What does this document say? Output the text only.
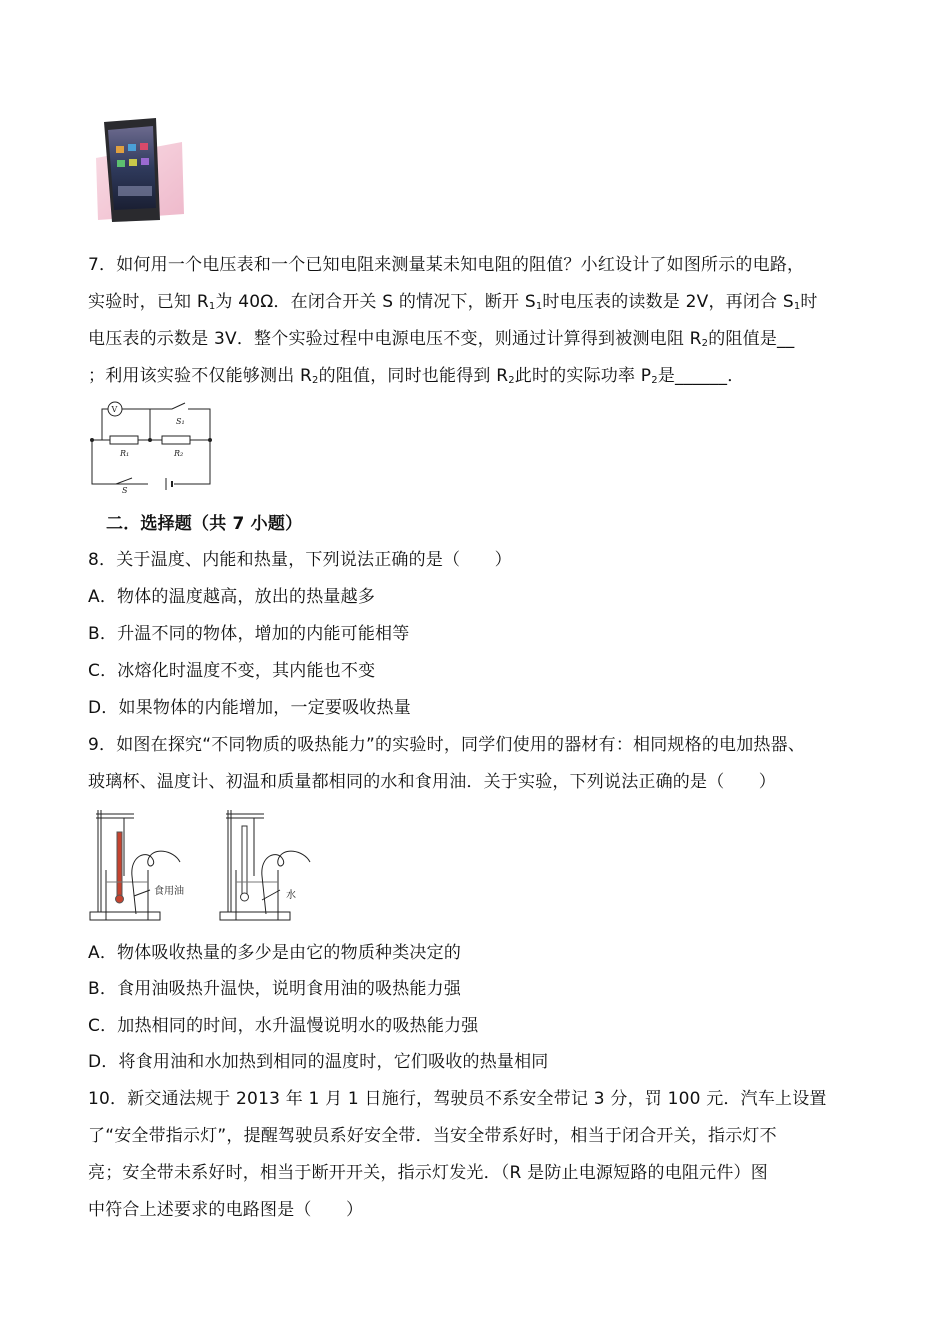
7．如何用一个电压表和一个已知电阻来测量某未知电阻的阻值？小红设计了如图所示的电路，
实验时，已知 $R_1$为 40Ω．在闭合开关 S 的情况下，断开 $S_1$时电压表的读数是 2V，再闭合 $S_1$时
电压表的示数是 3V．整个实验过程中电源电压不变，则通过计算得到被测电阻 $R_2$的阻值是__
；利用该实验不仅能够测出 $R_2$的阻值，同时也能得到 $R_2$此时的实际功率 $P_2$是______．
V
S₁
R₁	R₂
S
二．选择题（共 7 小题）
8．关于温度、内能和热量，下列说法正确的是（　　）
A．物体的温度越高，放出的热量越多
B．升温不同的物体，增加的内能可能相等
C．冰熔化时温度不变，其内能也不变
D．如果物体的内能增加，一定要吸收热量
9．如图在探究“不同物质的吸热能力”的实验时，同学们使用的器材有：相同规格的电加热器、
玻璃杯、温度计、初温和质量都相同的水和食用油．关于实验，下列说法正确的是（　　）
食用油	水
A．物体吸收热量的多少是由它的物质种类决定的
B．食用油吸热升温快，说明食用油的吸热能力强
C．加热相同的时间，水升温慢说明水的吸热能力强
D．将食用油和水加热到相同的温度时，它们吸收的热量相同
10．新交通法规于 2013 年 1 月 1 日施行，驾驶员不系安全带记 3 分，罚 100 元．汽车上设置
了“安全带指示灯”，提醒驾驶员系好安全带．当安全带系好时，相当于闭合开关，指示灯不
亮；安全带未系好时，相当于断开开关，指示灯发光．（R 是防止电源短路的电阻元件）图
中符合上述要求的电路图是（　　）
